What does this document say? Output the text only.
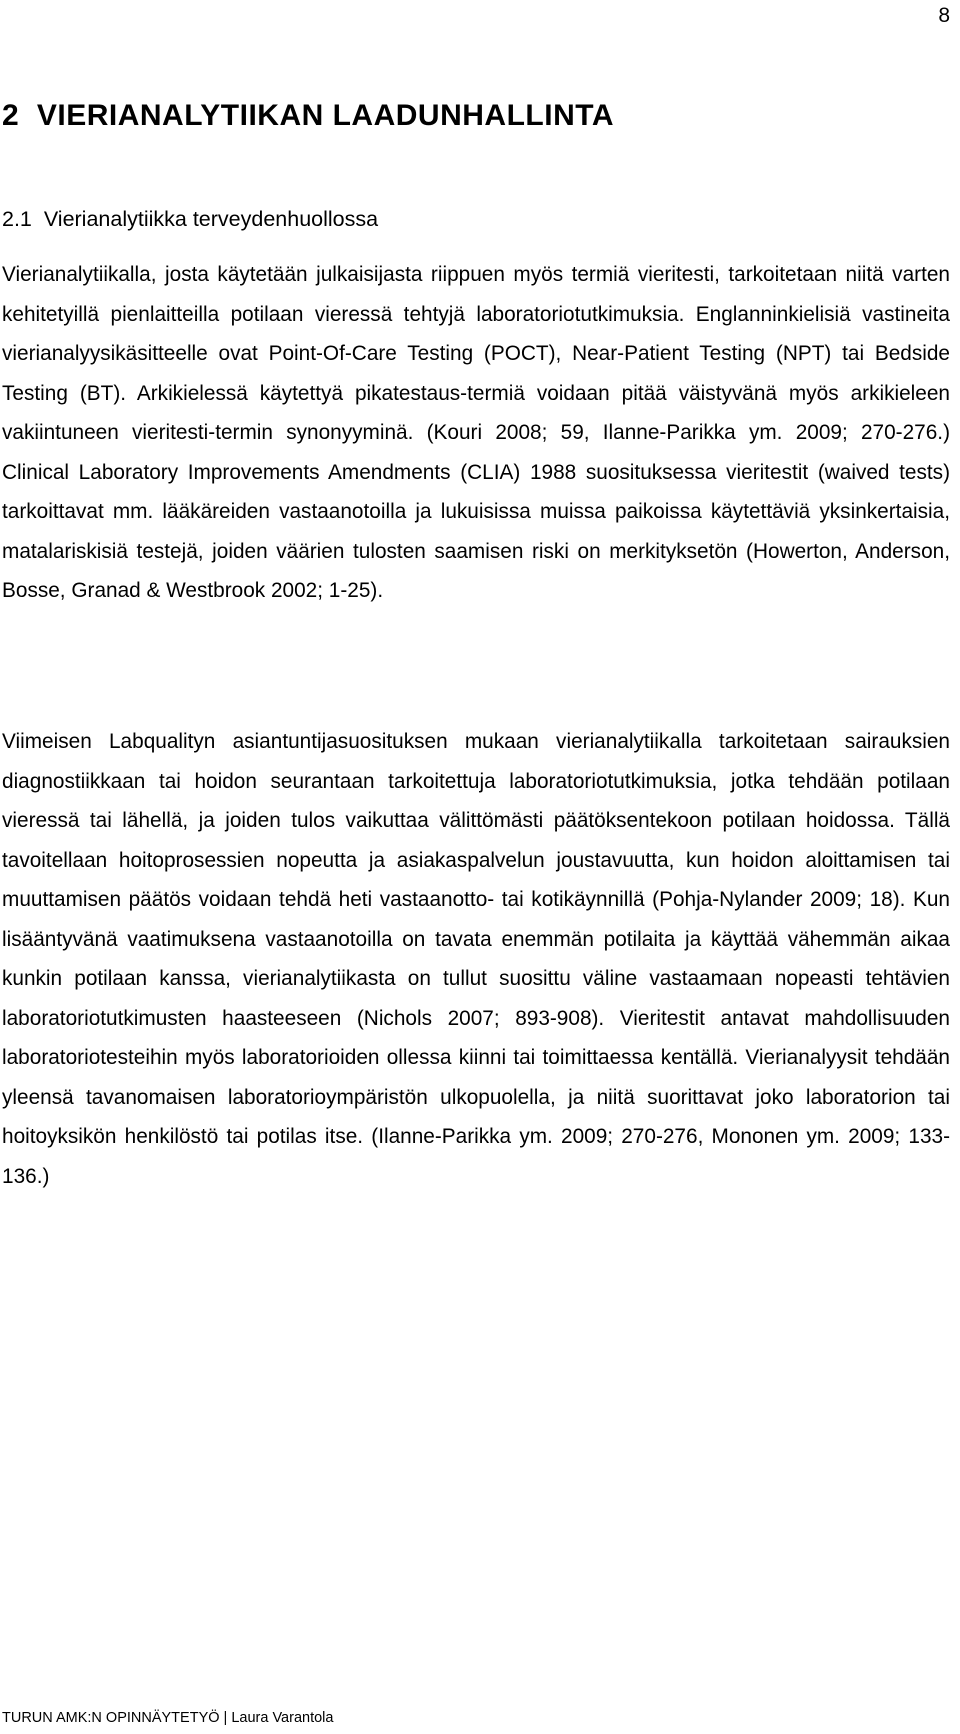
8
2  VIERIANALYTIIKAN LAADUNHALLINTA
2.1  Vierianalytiikka terveydenhuollossa

Vierianalytiikalla, josta käytetään julkaisijasta riippuen myös termiä vieritesti, tarkoitetaan niitä varten kehitetyillä pienlaitteilla potilaan vieressä tehtyjä laboratoriotutkimuksia. Englanninkielisiä vastineita vierianalyysikäsitteelle ovat Point-Of-Care Testing (POCT), Near-Patient Testing (NPT) tai Bedside Testing (BT). Arkikielessä käytettyä pikatestaus-termiä voidaan pitää väistyvänä myös arkikieleen vakiintuneen vieritesti-termin synonyyminä. (Kouri 2008; 59, Ilanne-Parikka ym. 2009; 270-276.) Clinical Laboratory Improvements Amendments (CLIA) 1988 suosituksessa vieritestit (waived tests) tarkoittavat mm. lääkäreiden vastaanotoilla ja lukuisissa muissa paikoissa käytettäviä yksinkertaisia, matalariskisiä testejä, joiden väärien tulosten saamisen riski on merkityksetön (Howerton, Anderson, Bosse, Granad & Westbrook 2002; 1-25).

Viimeisen Labqualityn asiantuntijasuosituksen mukaan vierianalytiikalla tarkoitetaan sairauksien diagnostiikkaan tai hoidon seurantaan tarkoitettuja laboratoriotutkimuksia, jotka tehdään potilaan vieressä tai lähellä, ja joiden tulos vaikuttaa välittömästi päätöksentekoon potilaan hoidossa. Tällä tavoitellaan hoitoprosessien nopeutta ja asiakaspalvelun joustavuutta, kun hoidon aloittamisen tai muuttamisen päätös voidaan tehdä heti vastaanotto- tai kotikäynnillä (Pohja-Nylander 2009; 18). Kun lisääntyvänä vaatimuksena vastaanotoilla on tavata enemmän potilaita ja käyttää vähemmän aikaa kunkin potilaan kanssa, vierianalytiikasta on tullut suosittu väline vastaamaan nopeasti tehtävien laboratoriotutkimusten haasteeseen (Nichols 2007; 893-908). Vieritestit antavat mahdollisuuden laboratoriotesteihin myös laboratorioiden ollessa kiinni tai toimittaessa kentällä. Vierianalyysit tehdään yleensä tavanomaisen laboratorioympäristön ulkopuolella, ja niitä suorittavat joko laboratorion tai hoitoyksikön henkilöstö tai potilas itse. (Ilanne-Parikka ym. 2009; 270-276, Mononen ym. 2009; 133-136.)

TURUN AMK:N OPINNÄYTETYÖ | Laura Varantola
